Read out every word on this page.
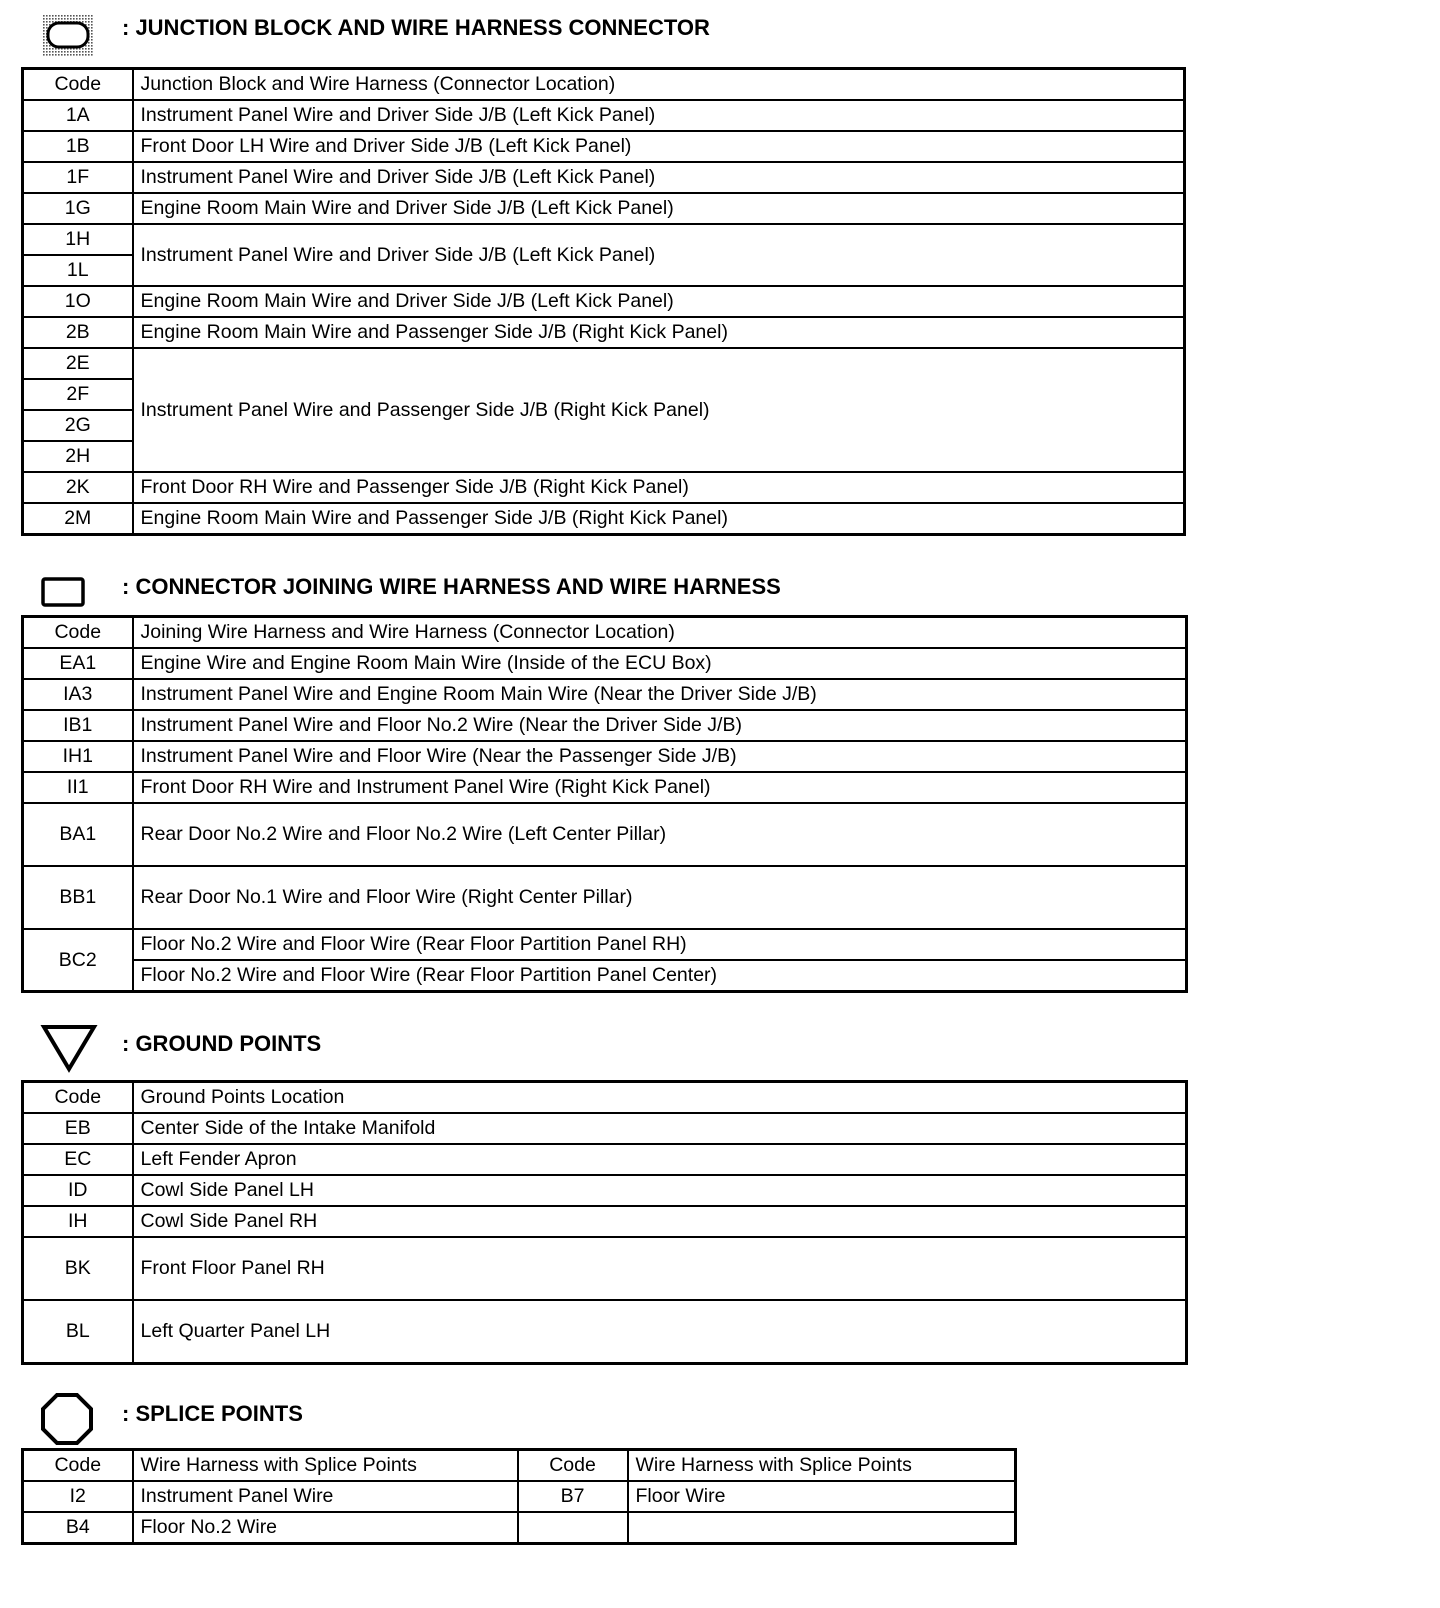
: JUNCTION BLOCK AND WIRE HARNESS CONNECTOR
Code	Junction Block and Wire Harness (Connector Location)
1A	Instrument Panel Wire and Driver Side J/B (Left Kick Panel)
1B	Front Door LH Wire and Driver Side J/B (Left Kick Panel)
1F	Instrument Panel Wire and Driver Side J/B (Left Kick Panel)
1G	Engine Room Main Wire and Driver Side J/B (Left Kick Panel)
1H	Instrument Panel Wire and Driver Side J/B (Left Kick Panel)
1L	
1O	Engine Room Main Wire and Driver Side J/B (Left Kick Panel)
2B	Engine Room Main Wire and Passenger Side J/B (Right Kick Panel)
2E	Instrument Panel Wire and Passenger Side J/B (Right Kick Panel)
2F	
2G	
2H	
2K	Front Door RH Wire and Passenger Side J/B (Right Kick Panel)
2M	Engine Room Main Wire and Passenger Side J/B (Right Kick Panel)
: CONNECTOR JOINING WIRE HARNESS AND WIRE HARNESS
Code	Joining Wire Harness and Wire Harness (Connector Location)
EA1	Engine Wire and Engine Room Main Wire (Inside of the ECU Box)
IA3	Instrument Panel Wire and Engine Room Main Wire (Near the Driver Side J/B)
IB1	Instrument Panel Wire and Floor No.2 Wire (Near the Driver Side J/B)
IH1	Instrument Panel Wire and Floor Wire (Near the Passenger Side J/B)
II1	Front Door RH Wire and Instrument Panel Wire (Right Kick Panel)
BA1	Rear Door No.2 Wire and Floor No.2 Wire (Left Center Pillar)
BB1	Rear Door No.1 Wire and Floor Wire (Right Center Pillar)
BC2	Floor No.2 Wire and Floor Wire (Rear Floor Partition Panel RH)
	Floor No.2 Wire and Floor Wire (Rear Floor Partition Panel Center)
: GROUND POINTS
Code	Ground Points Location
EB	Center Side of the Intake Manifold
EC	Left Fender Apron
ID	Cowl Side Panel LH
IH	Cowl Side Panel RH
BK	Front Floor Panel RH
BL	Left Quarter Panel LH
: SPLICE POINTS
Code	Wire Harness with Splice Points	Code	Wire Harness with Splice Points
I2	Instrument Panel Wire	B7	Floor Wire
B4	Floor No.2 Wire		
